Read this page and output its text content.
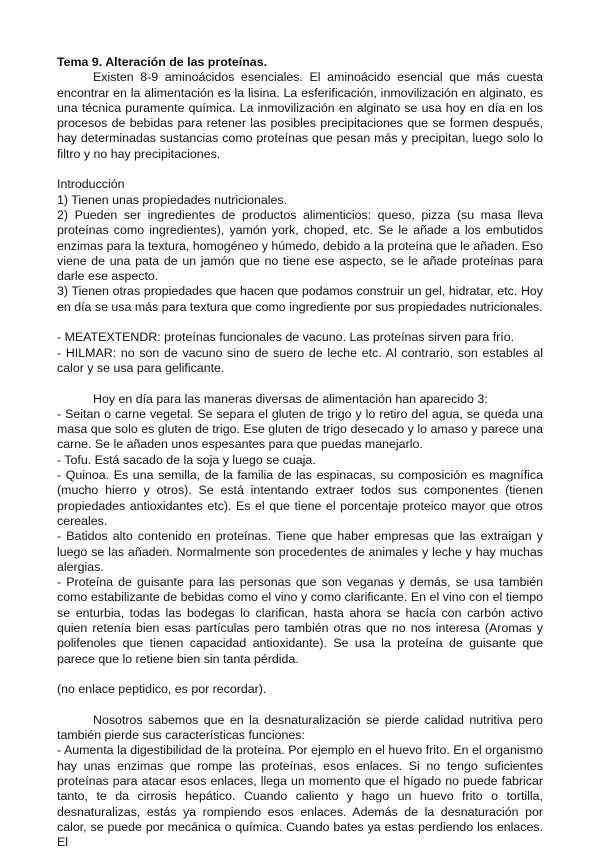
Tema 9. Alteración de las proteínas.

Existen 8-9 aminoácidos esenciales. El aminoácido esencial que más cuesta encontrar en la alimentación es la lisina. La esferificación, inmovilización en alginato, es una técnica puramente química. La inmovilización en alginato se usa hoy en día en los procesos de bebidas para retener las posibles precipitaciones que se formen después, hay determinadas sustancias como proteínas que pesan más y precipitan, luego solo lo filtro y no hay precipitaciones.

Introducción

1) Tienen unas propiedades nutricionales.

2) Pueden ser ingredientes de productos alimenticios: queso, pizza (su masa lleva proteínas como ingredientes), yamón york, choped, etc. Se le añade a los embutidos enzimas para la textura, homogéneo y húmedo, debido a la proteína que le añaden. Eso viene de una pata de un jamón que no tiene ese aspecto, se le añade proteínas para darle ese aspecto.

3) Tienen otras propiedades que hacen que podamos construir un gel, hidratar, etc. Hoy en día se usa más para textura que como ingrediente por sus propiedades nutricionales.

- MEATEXTENDR: proteínas funcionales de vacuno. Las proteínas sirven para frío.

- HILMAR: no son de vacuno sino de suero de leche etc. Al contrario, son estables al calor y se usa para gelificante.

Hoy en día para las maneras diversas de alimentación han aparecido 3:

- Seitan o carne vegetal. Se separa el gluten de trigo y lo retiro del agua, se queda una masa que solo es gluten de trigo. Ese gluten de trigo desecado y lo amaso y parece una carne. Se le añaden unos espesantes para que puedas manejarlo.

- Tofu. Está sacado de la soja y luego se cuaja.

- Quinoa. Es una semilla, de la familia de las espinacas, su composición es magnífica (mucho hierro y otros). Se está intentando extraer todos sus componentes (tienen propiedades antioxidantes etc). Es el que tiene el porcentaje proteico mayor que otros cereales.

- Batidos alto contenido en proteínas. Tiene que haber empresas que las extraigan y luego se las añaden. Normalmente son procedentes de animales y leche y hay muchas alergias.

- Proteína de guisante para las personas que son veganas y demás, se usa también como estabilizante de bebidas como el vino y como clarificante. En el vino con el tiempo se enturbia, todas las bodegas lo clarifican, hasta ahora se hacía con carbón activo quien retenía bien esas partículas pero también otras que no nos interesa (Aromas y polifenoles que tienen capacidad antioxidante). Se usa la proteína de guisante que parece que lo retiene bien sin tanta pérdida.

(no enlace peptidico, es por recordar).

Nosotros sabemos que en la desnaturalización se pierde calidad nutritiva pero también pierde sus características funciones:

- Aumenta la digestibilidad de la proteína. Por ejemplo en el huevo frito. En el organismo hay unas enzimas que rompe las proteínas, esos enlaces. Si no tengo suficientes proteínas para atacar esos enlaces, llega un momento que el hígado no puede fabricar tanto, te da cirrosis hepático. Cuando caliento y hago un huevo frito o tortilla, desnaturalizas, estás ya rompiendo esos enlaces. Además de la desnaturación por calor, se puede por mecánica o química. Cuando bates ya estas perdiendo los enlaces. El
